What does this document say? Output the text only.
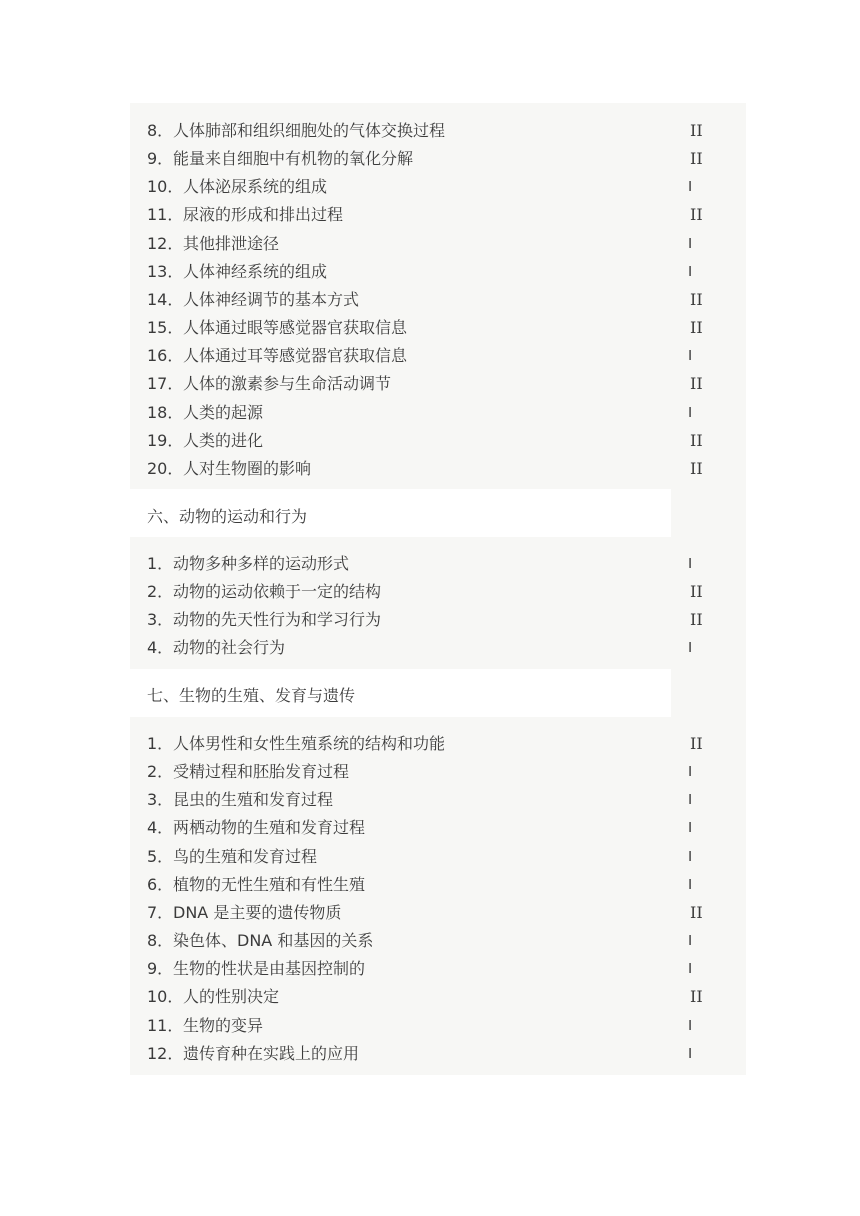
8． 人体肺部和组织细胞处的气体交换过程	II
9． 能量来自细胞中有机物的氧化分解	II
10． 人体泌尿系统的组成	I
11． 尿液的形成和排出过程	II
12． 其他排泄途径	I
13． 人体神经系统的组成	I
14． 人体神经调节的基本方式	II
15． 人体通过眼等感觉器官获取信息	II
16． 人体通过耳等感觉器官获取信息	I
17． 人体的激素参与生命活动调节	II
18． 人类的起源	I
19． 人类的进化	II
20． 人对生物圈的影响	II
六、动物的运动和行为
1． 动物多种多样的运动形式	I
2． 动物的运动依赖于一定的结构	II
3． 动物的先天性行为和学习行为	II
4． 动物的社会行为	I
七、生物的生殖、发育与遗传
1． 人体男性和女性生殖系统的结构和功能	II
2． 受精过程和胚胎发育过程	I
3． 昆虫的生殖和发育过程	I
4． 两栖动物的生殖和发育过程	I
5． 鸟的生殖和发育过程	I
6． 植物的无性生殖和有性生殖	I
7． DNA 是主要的遗传物质	II
8． 染色体、DNA 和基因的关系	I
9． 生物的性状是由基因控制的	I
10． 人的性别决定	II
11． 生物的变异	I
12． 遗传育种在实践上的应用	I
